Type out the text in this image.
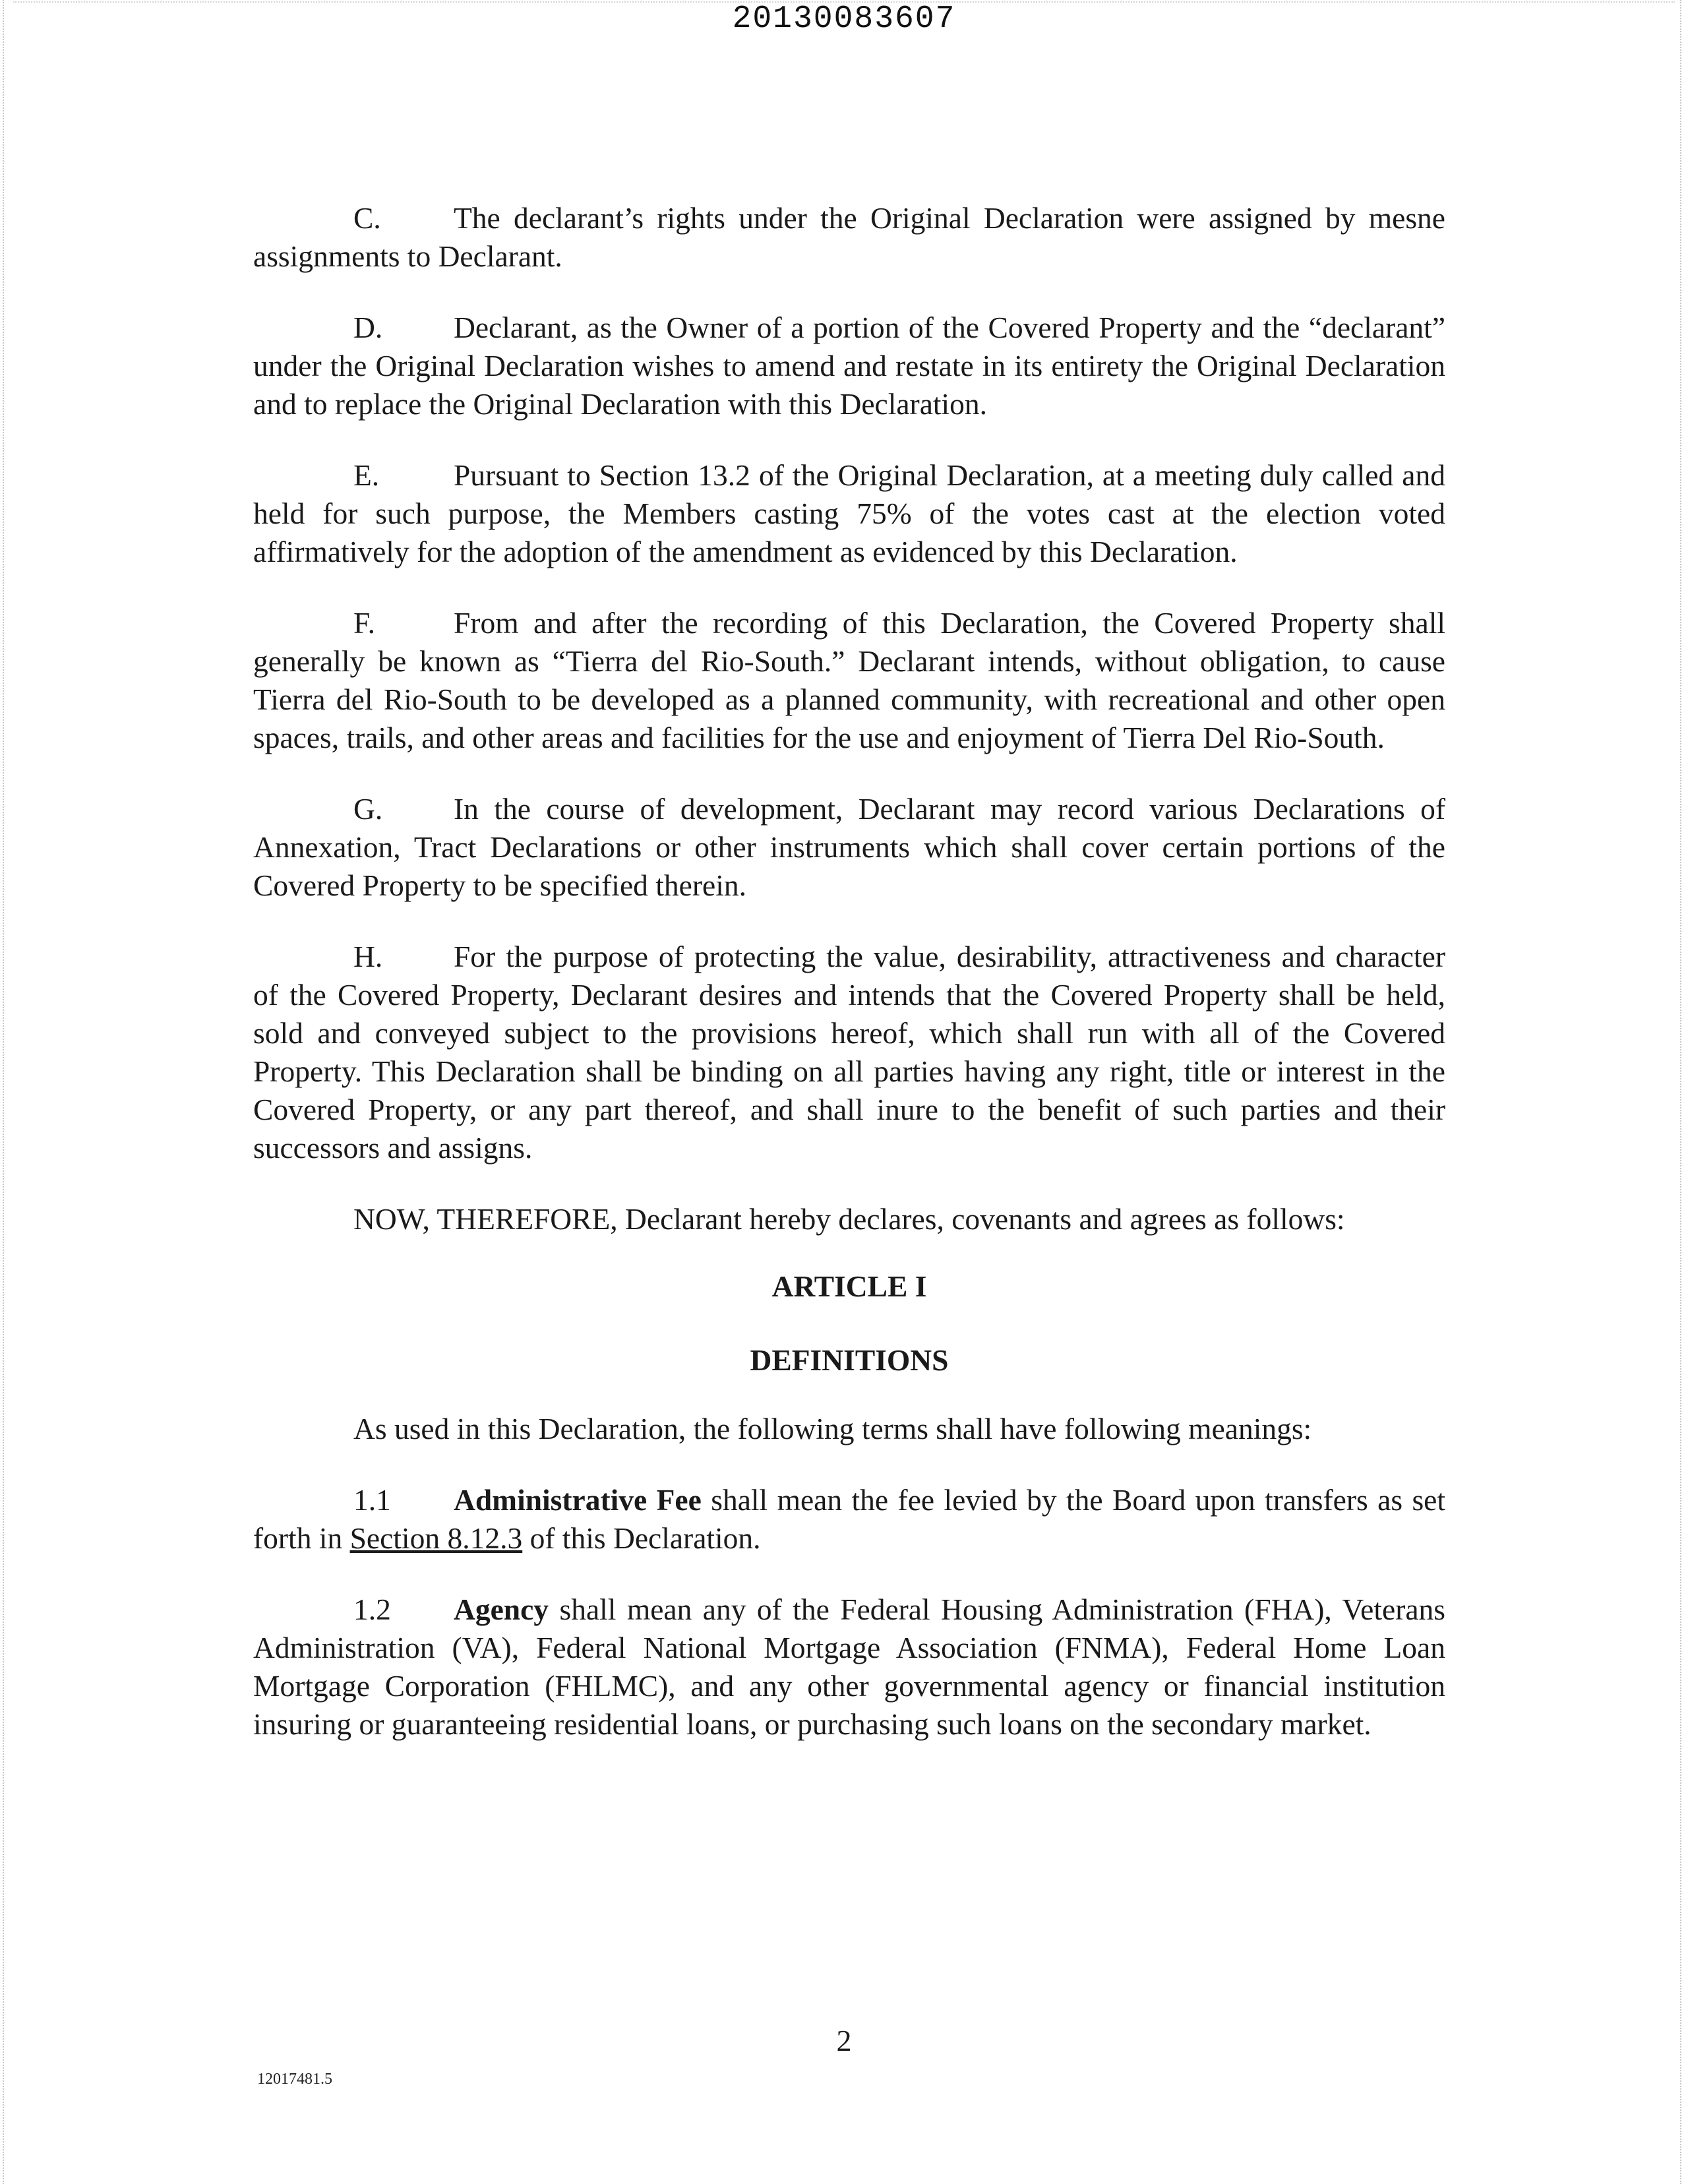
20130083607

C. The declarant’s rights under the Original Declaration were assigned by mesne assignments to Declarant.

D. Declarant, as the Owner of a portion of the Covered Property and the “declarant” under the Original Declaration wishes to amend and restate in its entirety the Original Declaration and to replace the Original Declaration with this Declaration.

E. Pursuant to Section 13.2 of the Original Declaration, at a meeting duly called and held for such purpose, the Members casting 75% of the votes cast at the election voted affirmatively for the adoption of the amendment as evidenced by this Declaration.

F.	From and after the recording of this Declaration, the Covered Property shall generally be known as “Tierra del Rio-South.” Declarant intends, without obligation, to cause Tierra del Rio-South to be developed as a planned community, with recreational and other open spaces, trails, and other areas and facilities for the use and enjoyment of Tierra Del Rio-South.

G. In the course of development, Declarant may record various Declarations of Annexation, Tract Declarations or other instruments which shall cover certain portions of the Covered Property to be specified therein.

H. For the purpose of protecting the value, desirability, attractiveness and character of the Covered Property, Declarant desires and intends that the Covered Property shall be held, sold and conveyed subject to the provisions hereof, which shall run with all of the Covered Property. This Declaration shall be binding on all parties having any right, title or interest in the Covered Property, or any part thereof, and shall inure to the benefit of such parties and their successors and assigns.

NOW, THEREFORE, Declarant hereby declares, covenants and agrees as follows:

ARTICLE I

DEFINITIONS

As used in this Declaration, the following terms shall have following meanings:

1.1 Administrative Fee shall mean the fee levied by the Board upon transfers as set forth in Section 8.12.3 of this Declaration.

1.2 Agency shall mean any of the Federal Housing Administration (FHA), Veterans Administration (VA), Federal National Mortgage Association (FNMA), Federal Home Loan Mortgage Corporation (FHLMC), and any other governmental agency or financial institution insuring or guaranteeing residential loans, or purchasing such loans on the secondary market.

2

12017481.5
